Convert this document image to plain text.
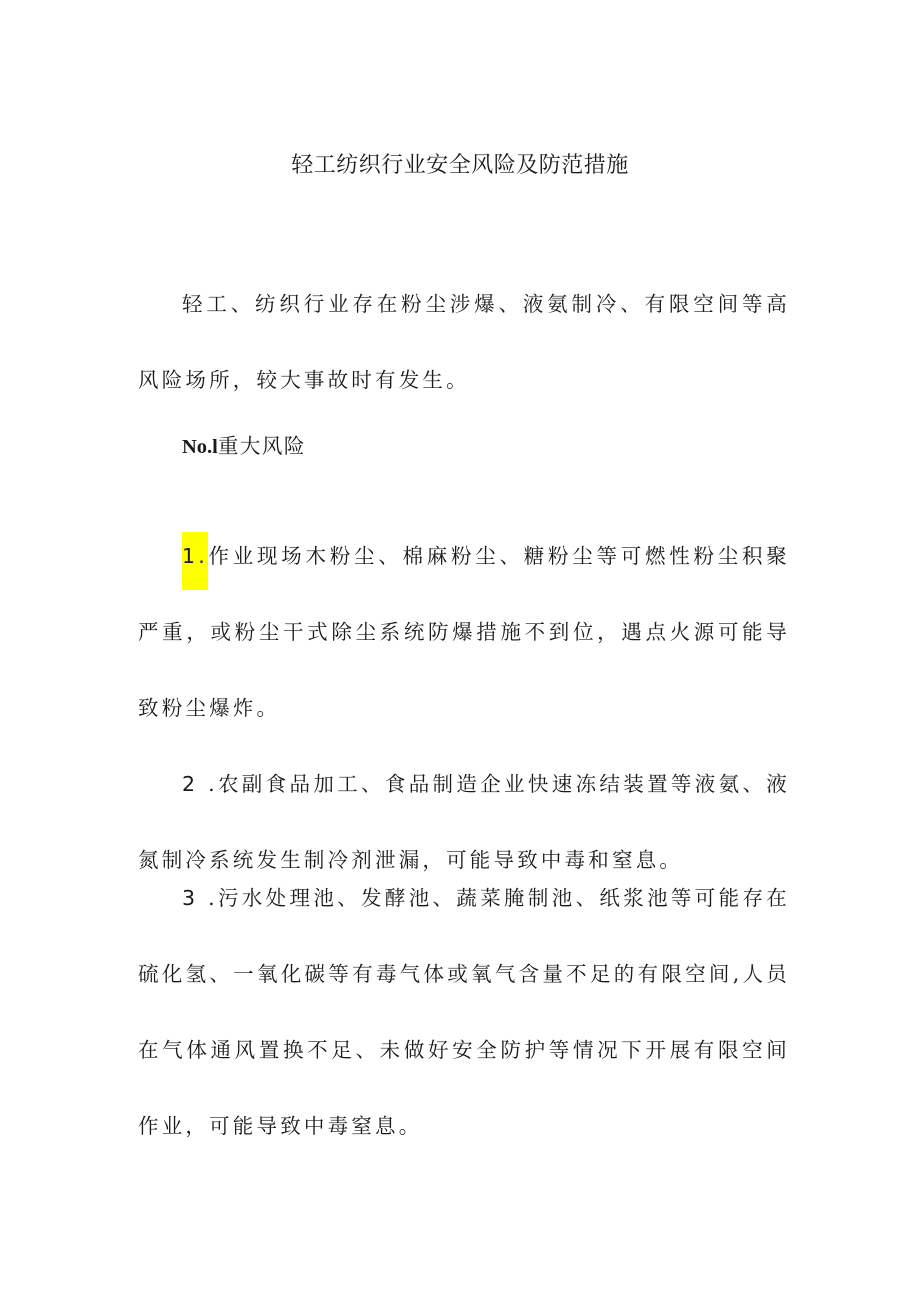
轻工纺织行业安全风险及防范措施

轻工、纺织行业存在粉尘涉爆、液氨制冷、有限空间等高风险场所，较大事故时有发生。

No.l重大风险

1.作业现场木粉尘、棉麻粉尘、糖粉尘等可燃性粉尘积聚严重，或粉尘干式除尘系统防爆措施不到位，遇点火源可能导致粉尘爆炸。

2 .农副食品加工、食品制造企业快速冻结装置等液氨、液氮制冷系统发生制冷剂泄漏，可能导致中毒和窒息。

3 .污水处理池、发酵池、蔬菜腌制池、纸浆池等可能存在硫化氢、一氧化碳等有毒气体或氧气含量不足的有限空间,人员在气体通风置换不足、未做好安全防护等情况下开展有限空间作业，可能导致中毒窒息。
